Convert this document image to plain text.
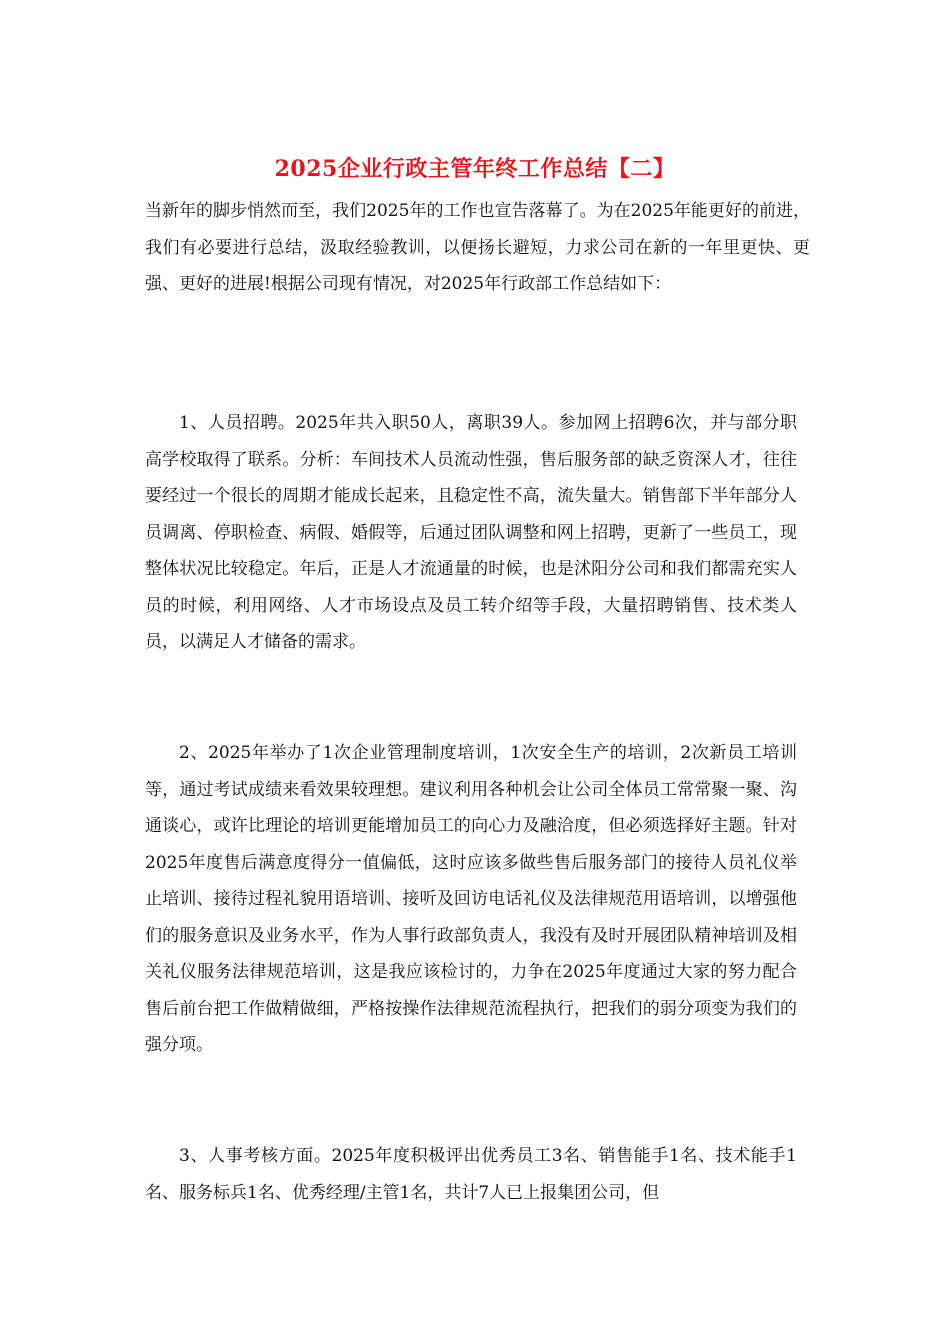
2025企业行政主管年终工作总结【二】

当新年的脚步悄然而至，我们2025年的工作也宣告落幕了。为在2025年能更好的前进，我们有必要进行总结，汲取经验教训，以便扬长避短，力求公司在新的一年里更快、更强、更好的进展!根据公司现有情况，对2025年行政部工作总结如下：

1、人员招聘。2025年共入职50人，离职39人。参加网上招聘6次，并与部分职高学校取得了联系。分析：车间技术人员流动性强，售后服务部的缺乏资深人才，往往要经过一个很长的周期才能成长起来，且稳定性不高，流失量大。销售部下半年部分人员调离、停职检查、病假、婚假等，后通过团队调整和网上招聘，更新了一些员工，现整体状况比较稳定。年后，正是人才流通量的时候，也是沭阳分公司和我们都需充实人员的时候，利用网络、人才市场设点及员工转介绍等手段，大量招聘销售、技术类人员，以满足人才储备的需求。

2、2025年举办了1次企业管理制度培训，1次安全生产的培训，2次新员工培训等，通过考试成绩来看效果较理想。建议利用各种机会让公司全体员工常常聚一聚、沟通谈心，或许比理论的培训更能增加员工的向心力及融洽度，但必须选择好主题。针对2025年度售后满意度得分一值偏低，这时应该多做些售后服务部门的接待人员礼仪举止培训、接待过程礼貌用语培训、接听及回访电话礼仪及法律规范用语培训，以增强他们的服务意识及业务水平，作为人事行政部负责人，我没有及时开展团队精神培训及相关礼仪服务法律规范培训，这是我应该检讨的，力争在2025年度通过大家的努力配合售后前台把工作做精做细，严格按操作法律规范流程执行，把我们的弱分项变为我们的强分项。

3、人事考核方面。2025年度积极评出优秀员工3名、销售能手1名、技术能手1名、服务标兵1名、优秀经理/主管1名，共计7人已上报集团公司，但
